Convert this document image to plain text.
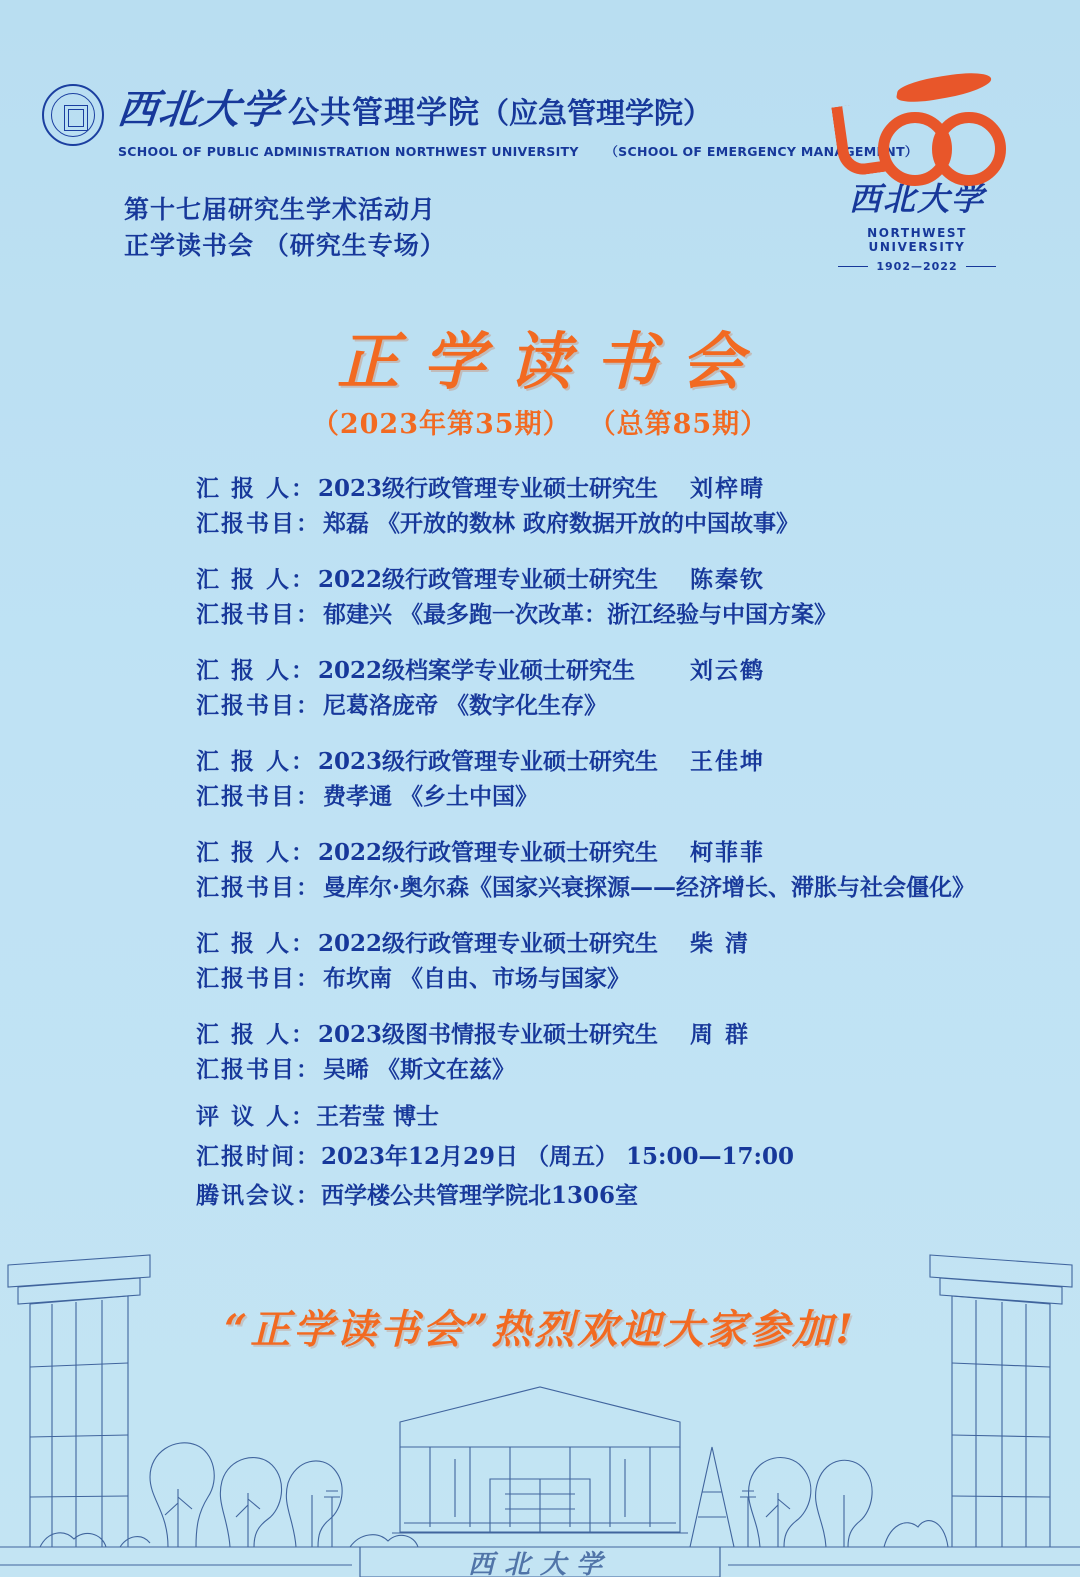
西北大学 公共管理学院 （应急管理学院）
SCHOOL OF PUBLIC ADMINISTRATION NORTHWEST UNIVERSITY （SCHOOL OF EMERGENCY MANAGEMENT）
西北大学
NORTHWEST UNIVERSITY
1902—2022
第十七届研究生学术活动月
正学读书会 （研究生专场）
正学读书会
（2023年第35期） （总第85期）
汇 报 人： 2023级行政管理专业硕士研究生	刘梓晴
汇报书目： 郑磊 《开放的数林 政府数据开放的中国故事》
汇 报 人： 2022级行政管理专业硕士研究生	陈秦钦
汇报书目： 郁建兴 《最多跑一次改革：浙江经验与中国方案》
汇 报 人： 2022级档案学专业硕士研究生	刘云鹤
汇报书目： 尼葛洛庞帝 《数字化生存》
汇 报 人： 2023级行政管理专业硕士研究生	王佳坤
汇报书目： 费孝通 《乡土中国》
汇 报 人： 2022级行政管理专业硕士研究生	柯菲菲
汇报书目： 曼库尔·奥尔森《国家兴衰探源——经济增长、滞胀与社会僵化》
汇 报 人： 2022级行政管理专业硕士研究生	柴 清
汇报书目： 布坎南 《自由、市场与国家》
汇 报 人： 2023级图书情报专业硕士研究生	周 群
汇报书目： 吴晞 《斯文在兹》
评 议 人：王若莹 博士
汇报时间：2023年12月29日 （周五） 15:00—17:00
腾讯会议：西学楼公共管理学院北1306室
“正学读书会”热烈欢迎大家参加!
西北大学
